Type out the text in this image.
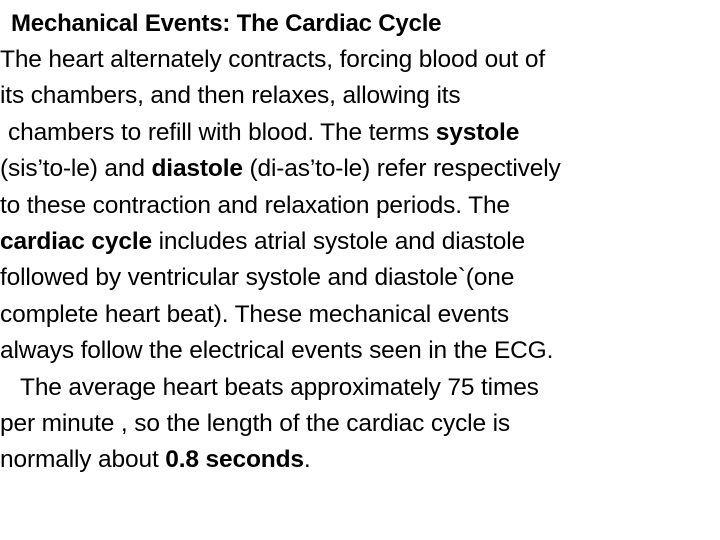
Mechanical Events: The Cardiac Cycle
The heart alternately contracts, forcing blood out of
its chambers, and then relaxes, allowing its
chambers to refill with blood. The terms systole
(sis’to-le) and diastole (di-as’to-le) refer respectively
to these contraction and relaxation periods. The
cardiac cycle includes atrial systole and diastole
followed by ventricular systole and diastole`(one
complete heart beat). These mechanical events
always follow the electrical events seen in the ECG.
The average heart beats approximately 75 times
per minute , so the length of the cardiac cycle is
normally about 0.8 seconds.
